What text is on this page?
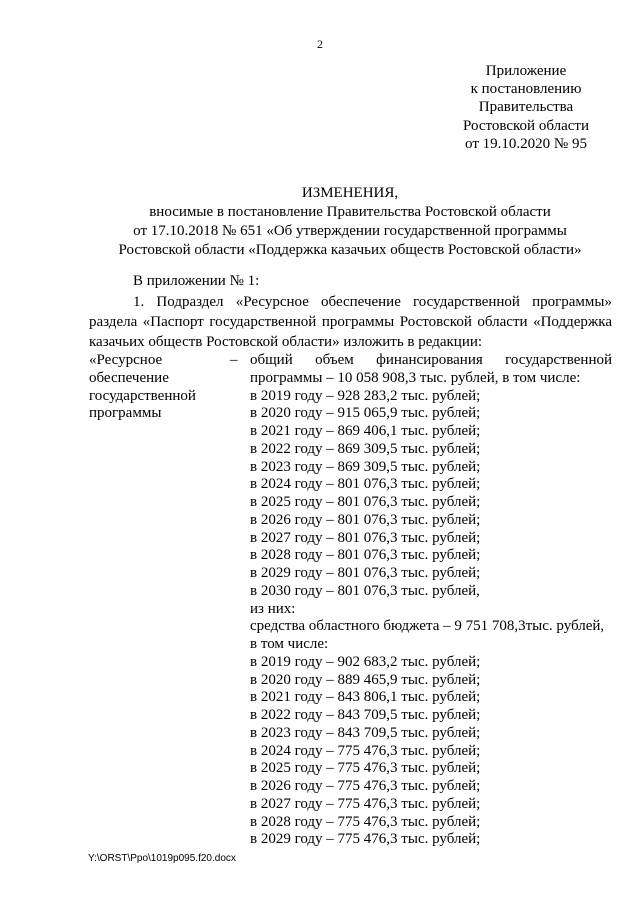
2
Приложение
к постановлению
Правительства
Ростовской области
от 19.10.2020 № 95
ИЗМЕНЕНИЯ,
вносимые в постановление Правительства Ростовской области
от 17.10.2018 № 651 «Об утверждении государственной программы
Ростовской области «Поддержка казачьих обществ Ростовской области»
В приложении № 1:
1. Подраздел «Ресурсное обеспечение государственной программы»
раздела «Паспорт государственной программы Ростовской области «Поддержка
казачьих обществ Ростовской области» изложить в редакции:
«Ресурсное
обеспечение
государственной
программы
– общий объем финансирования государственной
программы – 10 058 908,3 тыс. рублей, в том числе:
в 2019 году – 928 283,2 тыс. рублей;
в 2020 году – 915 065,9 тыс. рублей;
в 2021 году – 869 406,1 тыс. рублей;
в 2022 году – 869 309,5 тыс. рублей;
в 2023 году – 869 309,5 тыс. рублей;
в 2024 году – 801 076,3 тыс. рублей;
в 2025 году – 801 076,3 тыс. рублей;
в 2026 году – 801 076,3 тыс. рублей;
в 2027 году – 801 076,3 тыс. рублей;
в 2028 году – 801 076,3 тыс. рублей;
в 2029 году – 801 076,3 тыс. рублей;
в 2030 году – 801 076,3 тыс. рублей,
из них:
средства областного бюджета – 9 751 708,3тыс. рублей,
в том числе:
в 2019 году – 902 683,2 тыс. рублей;
в 2020 году – 889 465,9 тыс. рублей;
в 2021 году – 843 806,1 тыс. рублей;
в 2022 году – 843 709,5 тыс. рублей;
в 2023 году – 843 709,5 тыс. рублей;
в 2024 году – 775 476,3 тыс. рублей;
в 2025 году – 775 476,3 тыс. рублей;
в 2026 году – 775 476,3 тыс. рублей;
в 2027 году – 775 476,3 тыс. рублей;
в 2028 году – 775 476,3 тыс. рублей;
в 2029 году – 775 476,3 тыс. рублей;
Y:\ORST\Ppo\1019p095.f20.docx
